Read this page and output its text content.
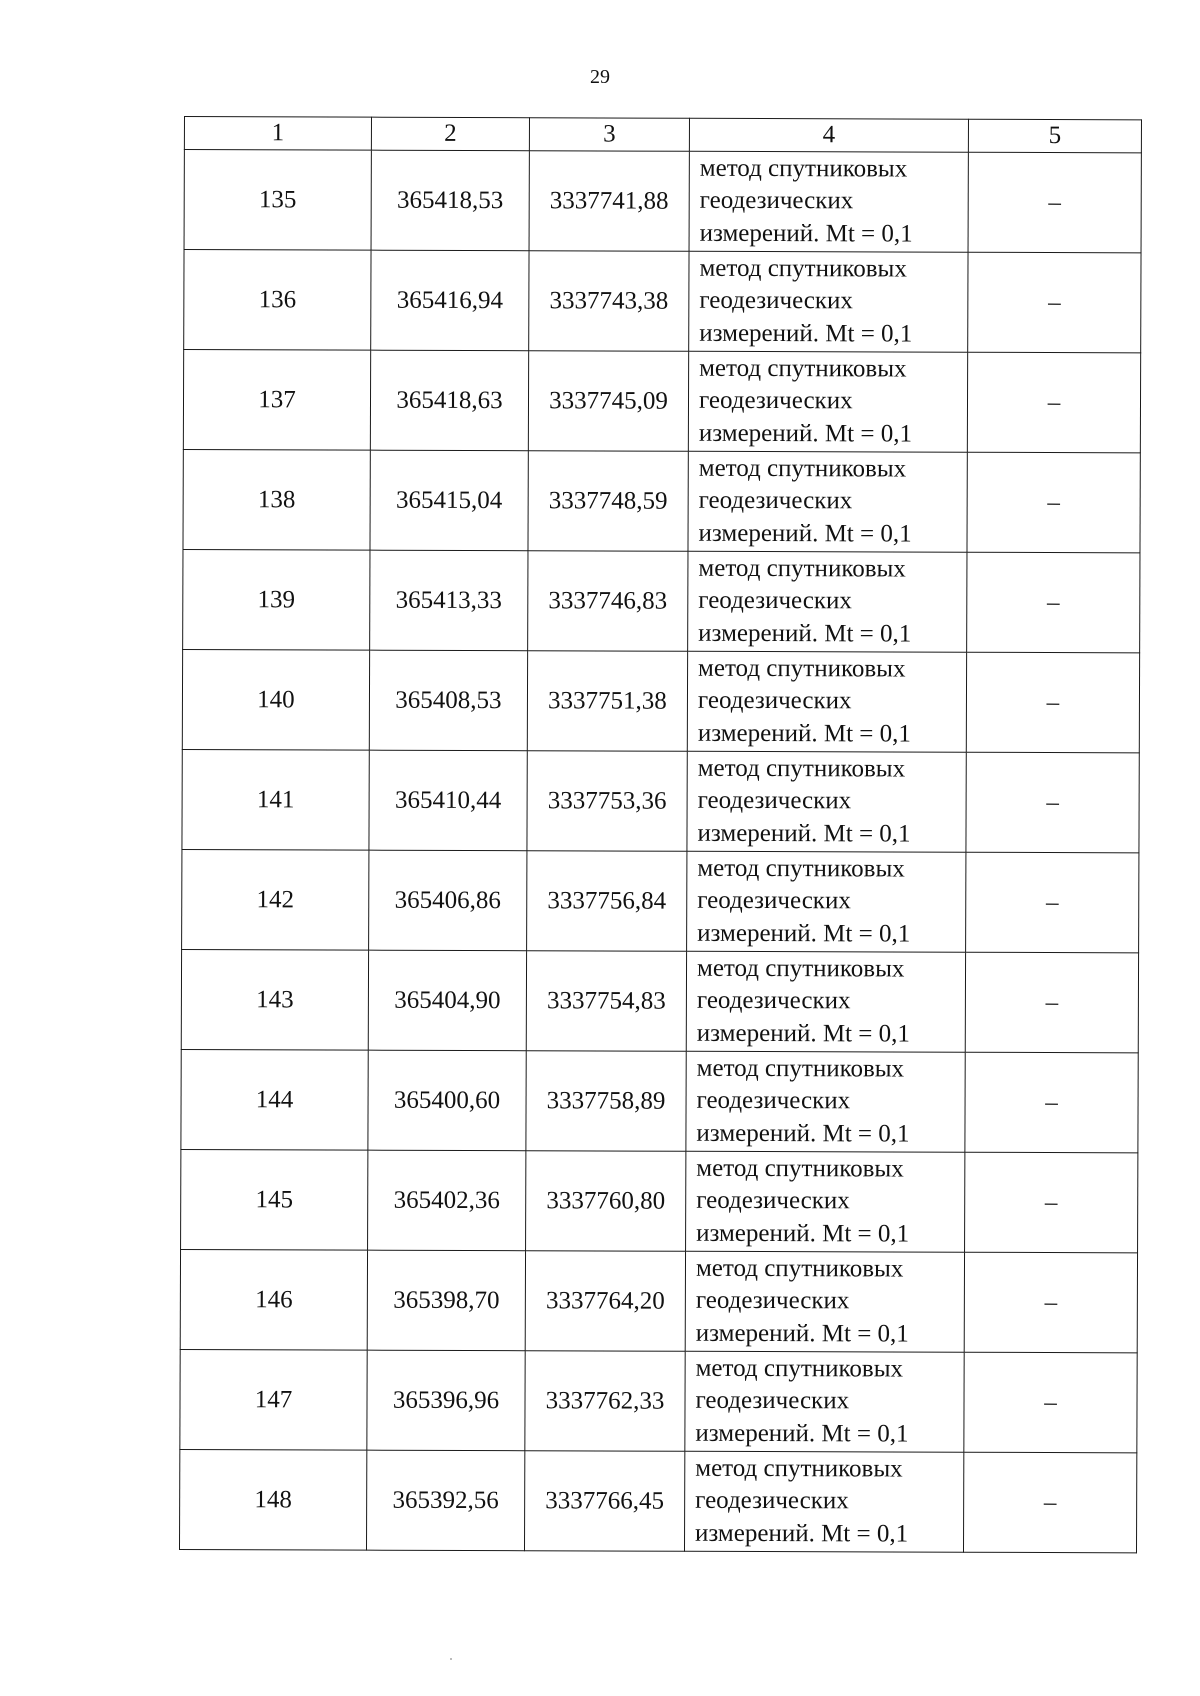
29
1	2	3	4	5
135	365418,53	3337741,88	метод спутниковых
геодезических
измерений. Mt = 0,1	–
136	365416,94	3337743,38	метод спутниковых
геодезических
измерений. Mt = 0,1	–
137	365418,63	3337745,09	метод спутниковых
геодезических
измерений. Mt = 0,1	–
138	365415,04	3337748,59	метод спутниковых
геодезических
измерений. Mt = 0,1	–
139	365413,33	3337746,83	метод спутниковых
геодезических
измерений. Mt = 0,1	–
140	365408,53	3337751,38	метод спутниковых
геодезических
измерений. Mt = 0,1	–
141	365410,44	3337753,36	метод спутниковых
геодезических
измерений. Mt = 0,1	–
142	365406,86	3337756,84	метод спутниковых
геодезических
измерений. Mt = 0,1	–
143	365404,90	3337754,83	метод спутниковых
геодезических
измерений. Mt = 0,1	–
144	365400,60	3337758,89	метод спутниковых
геодезических
измерений. Mt = 0,1	–
145	365402,36	3337760,80	метод спутниковых
геодезических
измерений. Mt = 0,1	–
146	365398,70	3337764,20	метод спутниковых
геодезических
измерений. Mt = 0,1	–
147	365396,96	3337762,33	метод спутниковых
геодезических
измерений. Mt = 0,1	–
148	365392,56	3337766,45	метод спутниковых
геодезических
измерений. Mt = 0,1	–
